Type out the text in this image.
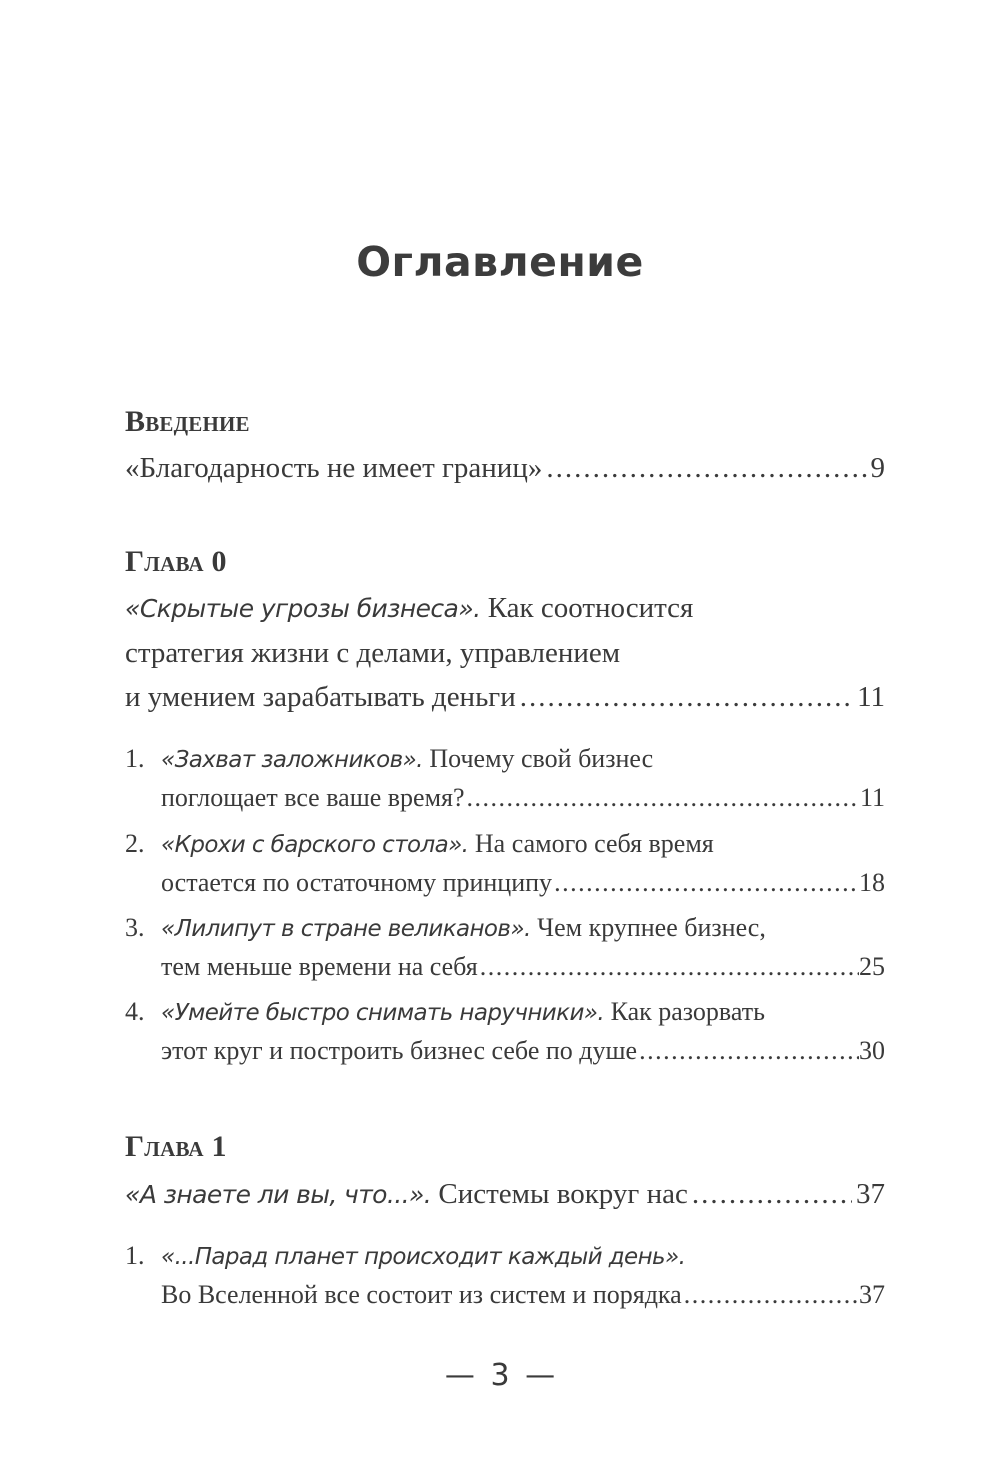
Оглавление
Введение
«Благодарность не имеет границ» .....	9
Глава 0
«Скрытые угрозы бизнеса». Как соотносится
стратегия жизни с делами, управлением
и умением зарабатывать деньги .....	11
1. «Захват заложников». Почему свой бизнес
поглощает все ваше время? .....	11
2. «Крохи с барского стола». На самого себя время
остается по остаточному принципу .....	18
3. «Лилипут в стране великанов». Чем крупнее бизнес,
тем меньше времени на себя .....	25
4. «Умейте быстро снимать наручники». Как разорвать
этот круг и построить бизнес себе по душе .....	30
Глава 1
«А знаете ли вы, что...». Системы вокруг нас .....	37
1. «...Парад планет происходит каждый день».
Во Вселенной все состоит из систем и порядка .....	37
— 3 —
